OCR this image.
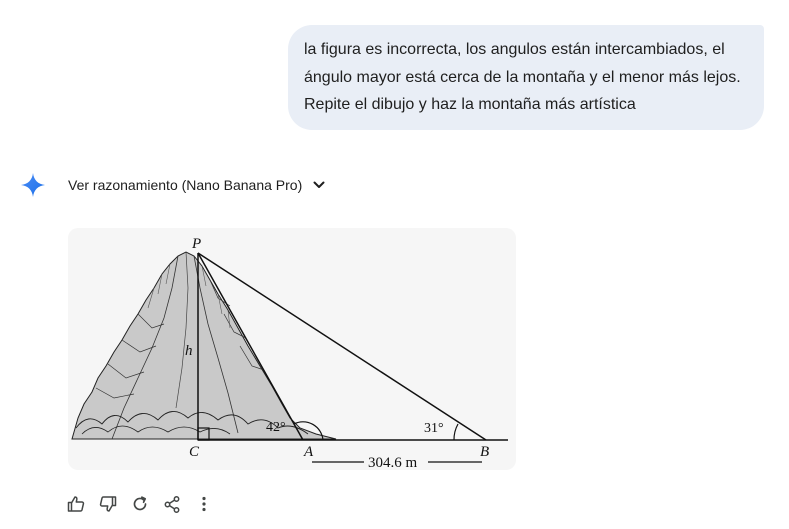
la figura es incorrecta, los angulos están intercambiados, el
ángulo mayor está cerca de la montaña y el menor más lejos.
Repite el dibujo y haz la montaña más artística
Ver razonamiento (Nano Banana Pro)
P
h
C	A	B
42°	31°
304.6 m
